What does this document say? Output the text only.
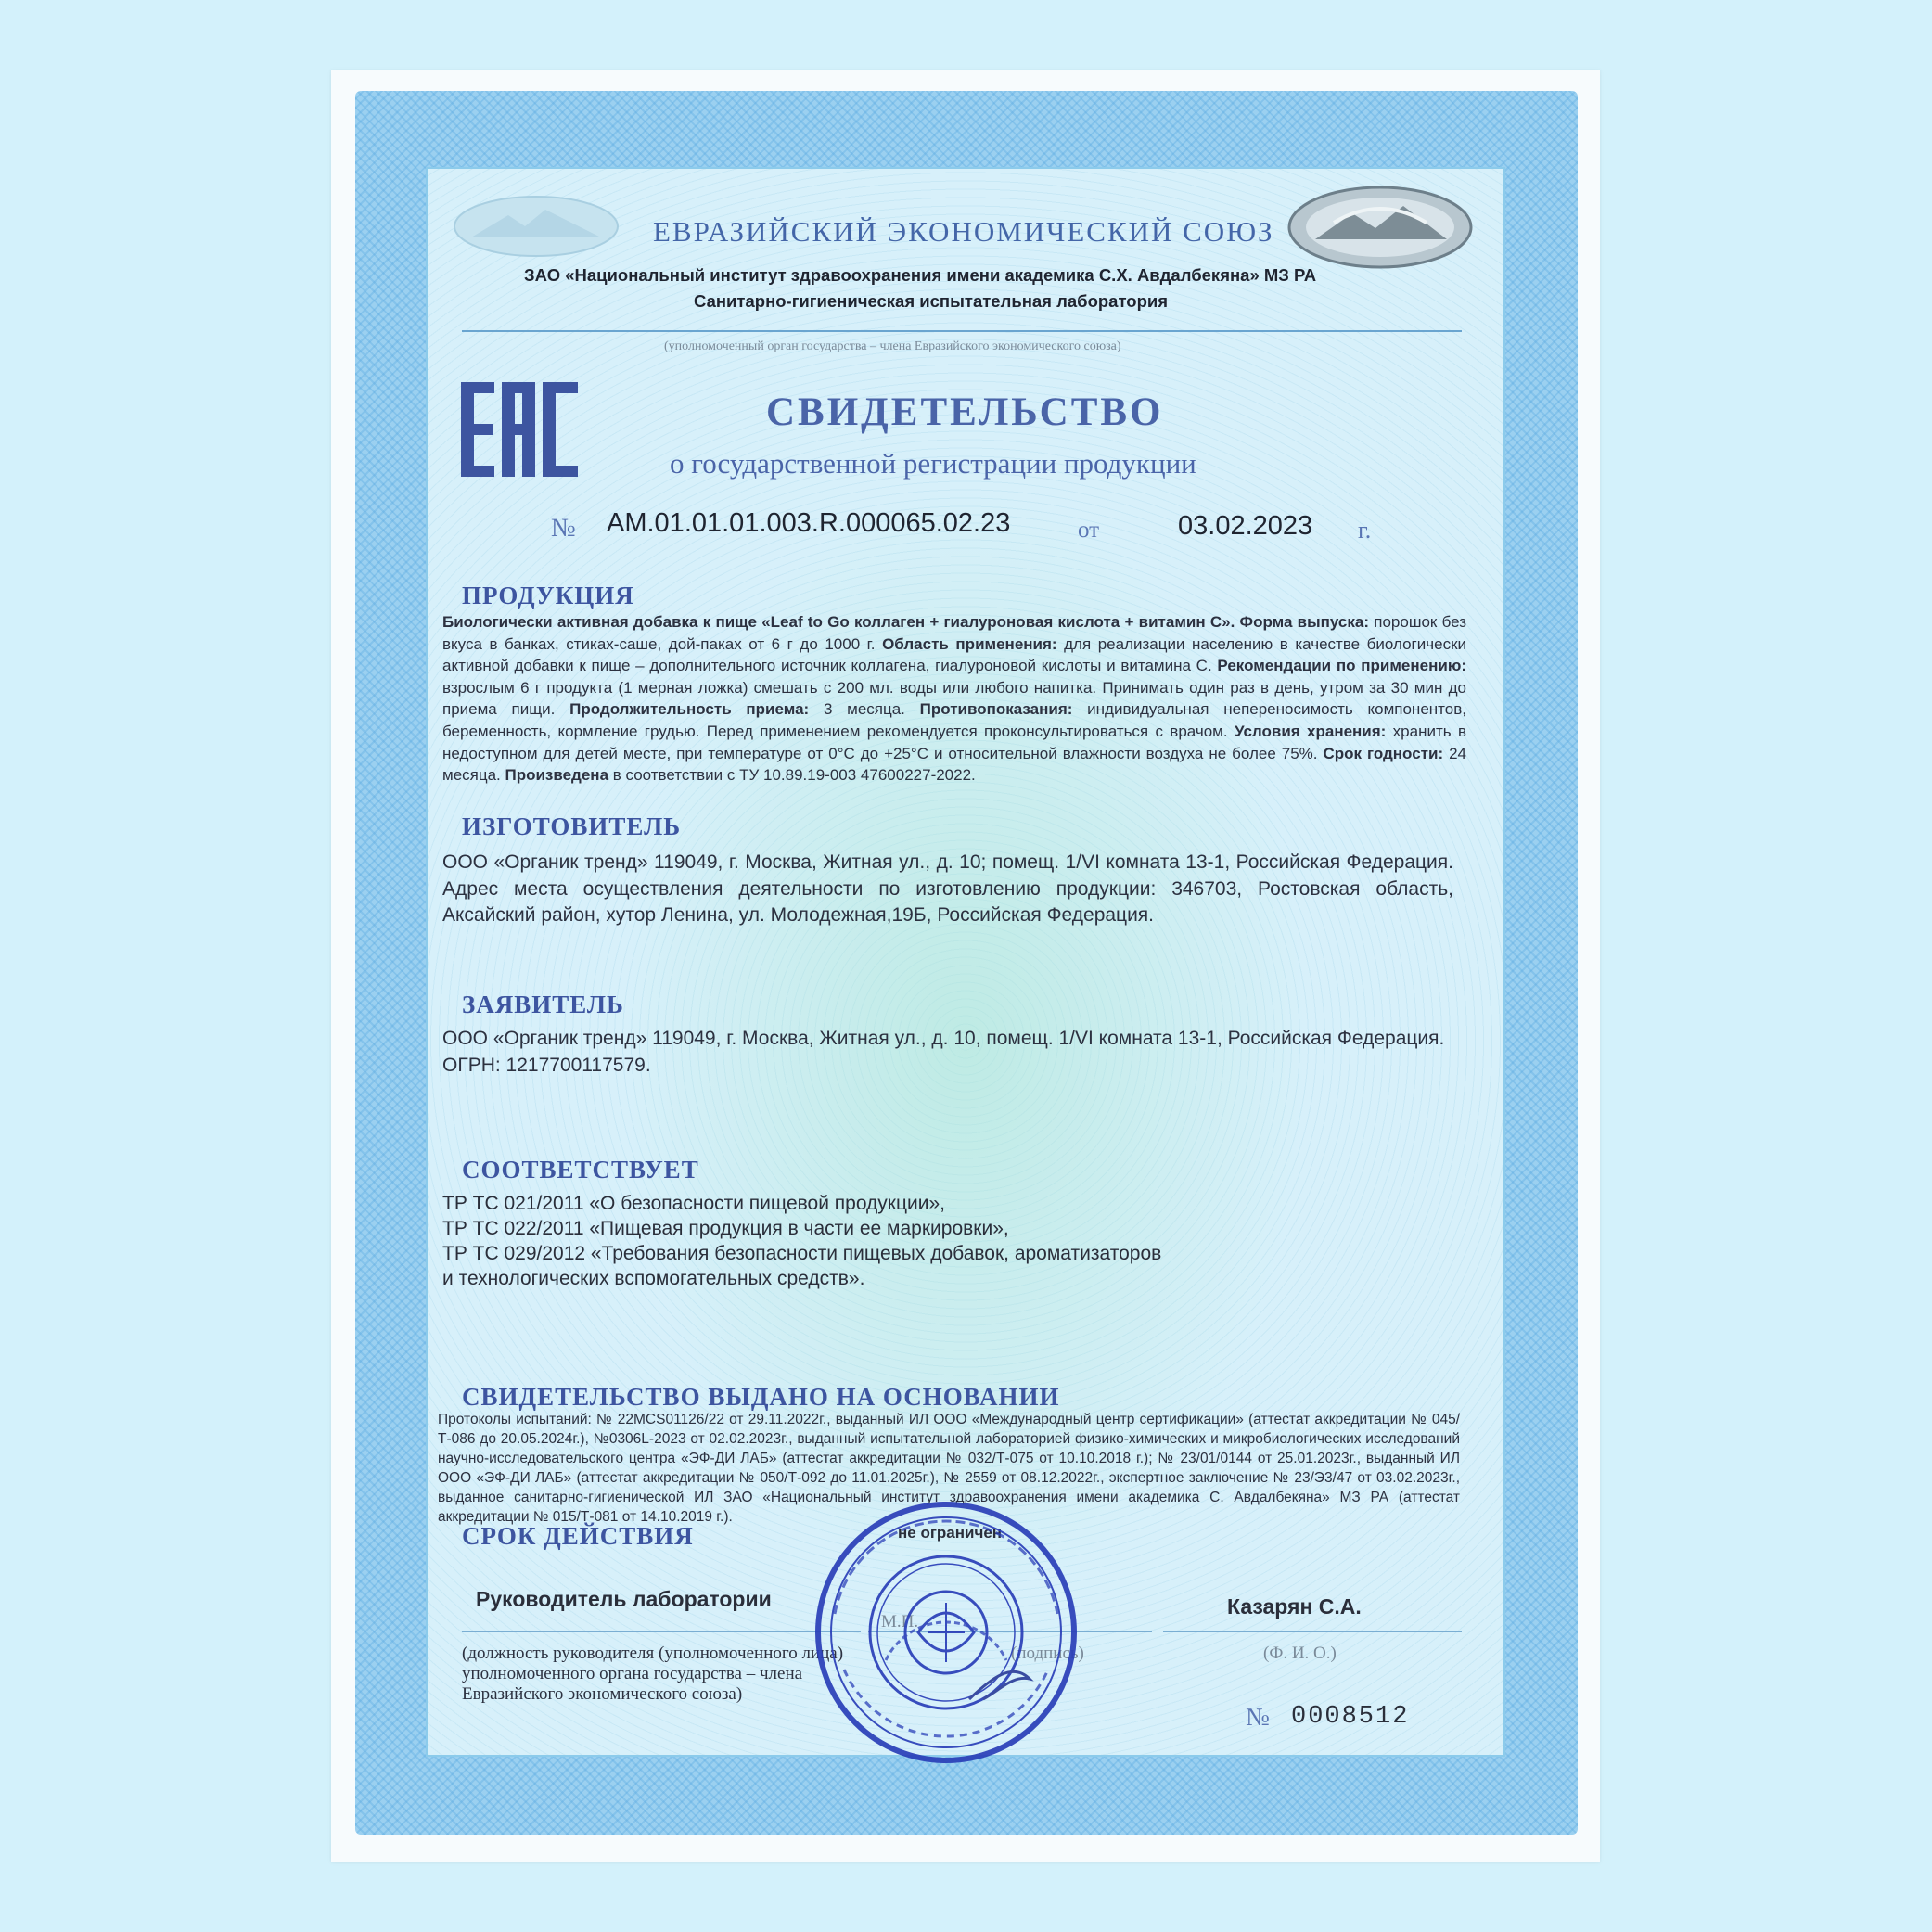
ЕВРАЗИЙСКИЙ ЭКОНОМИЧЕСКИЙ СОЮЗ
ЗАО «Национальный институт здравоохранения имени академика С.Х. Авдалбекяна» МЗ РА
Санитарно-гигиеническая испытательная лаборатория
(уполномоченный орган государства – члена Евразийского экономического союза)
СВИДЕТЕЛЬСТВО
о государственной регистрации продукции
№ AM.01.01.01.003.R.000065.02.23	от	03.02.2023 г.
ПРОДУКЦИЯ
Биологически активная добавка к пище «Leaf to Go коллаген + гиалуроновая кислота + витамин С». Форма выпуска: порошок без вкуса в банках, стиках-саше, дой-паках от 6 г до 1000 г. Область применения: для реализации населению в качестве биологически активной добавки к пище – дополнительного источник коллагена, гиалуроновой кислоты и витамина С. Рекомендации по применению: взрослым 6 г продукта (1 мерная ложка) смешать с 200 мл. воды или любого напитка. Принимать один раз в день, утром за 30 мин до приема пищи. Продолжительность приема: 3 месяца. Противопоказания: индивидуальная непереносимость компонентов, беременность, кормление грудью. Перед применением рекомендуется проконсультироваться с врачом. Условия хранения: хранить в недоступном для детей месте, при температуре от 0°С до +25°С и относительной влажности воздуха не более 75%. Срок годности: 24 месяца. Произведена в соответствии с ТУ 10.89.19-003 47600227-2022.
ИЗГОТОВИТЕЛЬ
ООО «Органик тренд» 119049, г. Москва, Житная ул., д. 10; помещ. 1/VI комната 13-1, Российская Федерация. Адрес места осуществления деятельности по изготовлению продукции: 346703, Ростовская область, Аксайский район, хутор Ленина, ул. Молодежная,19Б, Российская Федерация.
ЗАЯВИТЕЛЬ
ООО «Органик тренд» 119049, г. Москва, Житная ул., д. 10, помещ. 1/VI комната 13-1, Российская Федерация. ОГРН: 1217700117579.
СООТВЕТСТВУЕТ
ТР ТС 021/2011 «О безопасности пищевой продукции»,
ТР ТС 022/2011 «Пищевая продукция в части ее маркировки»,
ТР ТС 029/2012 «Требования безопасности пищевых добавок, ароматизаторов
и технологических вспомогательных средств».
СВИДЕТЕЛЬСТВО ВЫДАНО НА ОСНОВАНИИ
Протоколы испытаний: № 22MCS01126/22 от 29.11.2022г., выданный ИЛ ООО «Международный центр сертификации» (аттестат аккредитации № 045/Т-086 до 20.05.2024г.), №0306L-2023 от 02.02.2023г., выданный испытательной лабораторией физико-химических и микробиологических исследований научно-исследовательского центра «ЭФ-ДИ ЛАБ» (аттестат аккредитации № 032/Т-075 от 10.10.2018 г.); № 23/01/0144 от 25.01.2023г., выданный ИЛ ООО «ЭФ-ДИ ЛАБ» (аттестат аккредитации № 050/Т-092 до 11.01.2025г.), № 2559 от 08.12.2022г., экспертное заключение № 23/Э3/47 от 03.02.2023г., выданное санитарно-гигиенической ИЛ ЗАО «Национальный институт здравоохранения имени академика С. Авдалбекяна» МЗ РА (аттестат аккредитации № 015/Т-081 от 14.10.2019 г.).
СРОК ДЕЙСТВИЯ	не ограничен
Руководитель лаборатории	Казарян С.А.
(должность руководителя (уполномоченного лица) уполномоченного органа государства – члена Евразийского экономического союза)
М.П.
(подпись)	(Ф. И. О.)
№ 0008512
